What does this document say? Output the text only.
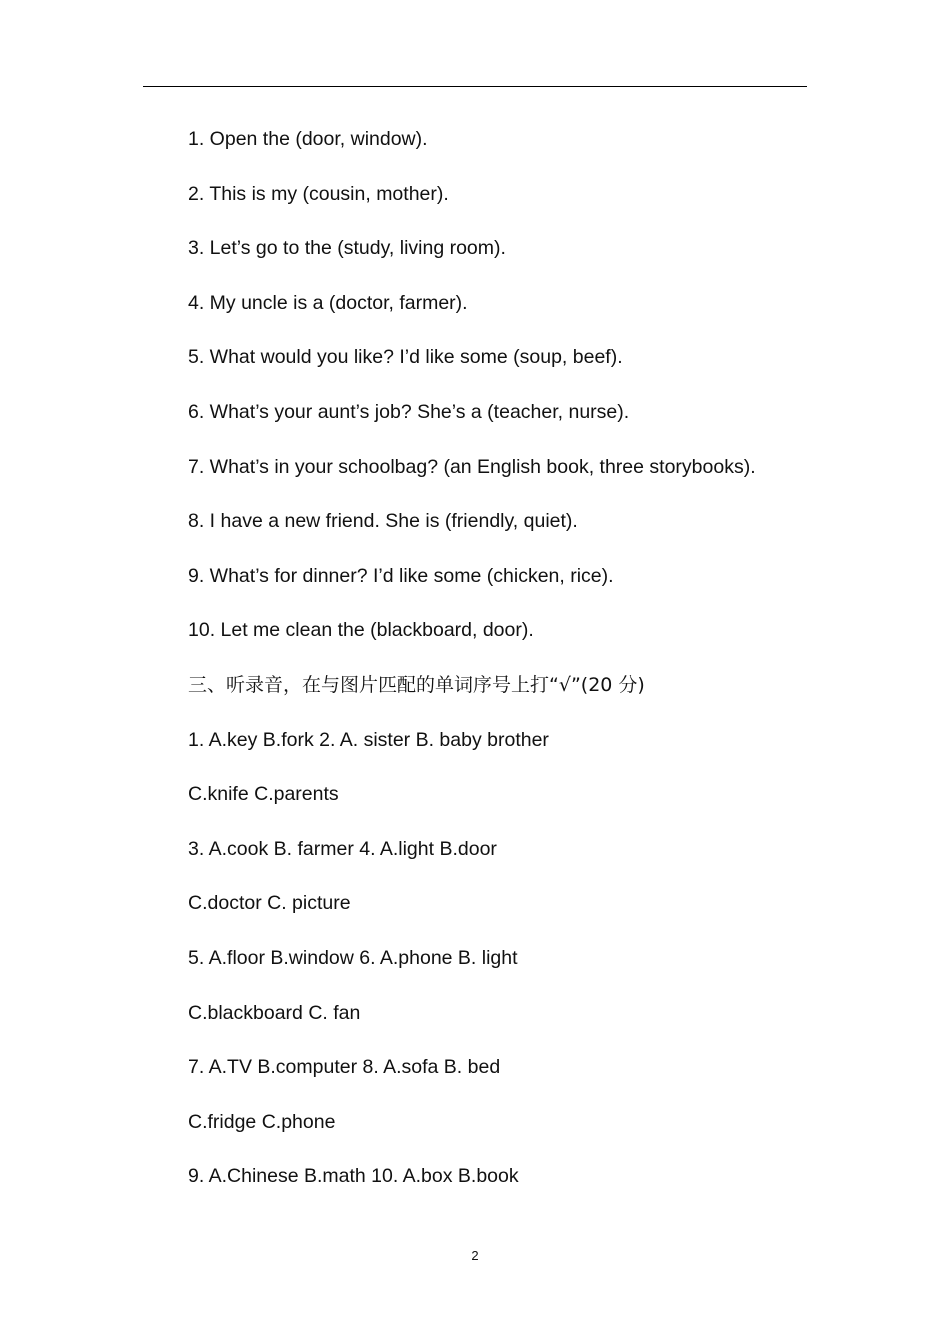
1. Open the (door, window).
2. This is my (cousin, mother).
3. Let’s go to the (study, living room).
4. My uncle is a (doctor, farmer).
5. What would you like? I’d like some (soup, beef).
6. What’s your aunt’s job? She’s a (teacher, nurse).
7. What’s in your schoolbag? (an English book, three storybooks).
8. I have a new friend. She is (friendly, quiet).
9. What’s for dinner? I’d like some (chicken, rice).
10. Let me clean the (blackboard, door).
三、听录音，在与图片匹配的单词序号上打“√”(20 分)
1. A.key B.fork 2. A. sister B. baby brother
C.knife C.parents
3. A.cook B. farmer 4. A.light B.door
C.doctor C. picture
5. A.floor B.window 6. A.phone B. light
C.blackboard C. fan
7. A.TV B.computer 8. A.sofa B. bed
C.fridge C.phone
9. A.Chinese B.math 10. A.box B.book
2
